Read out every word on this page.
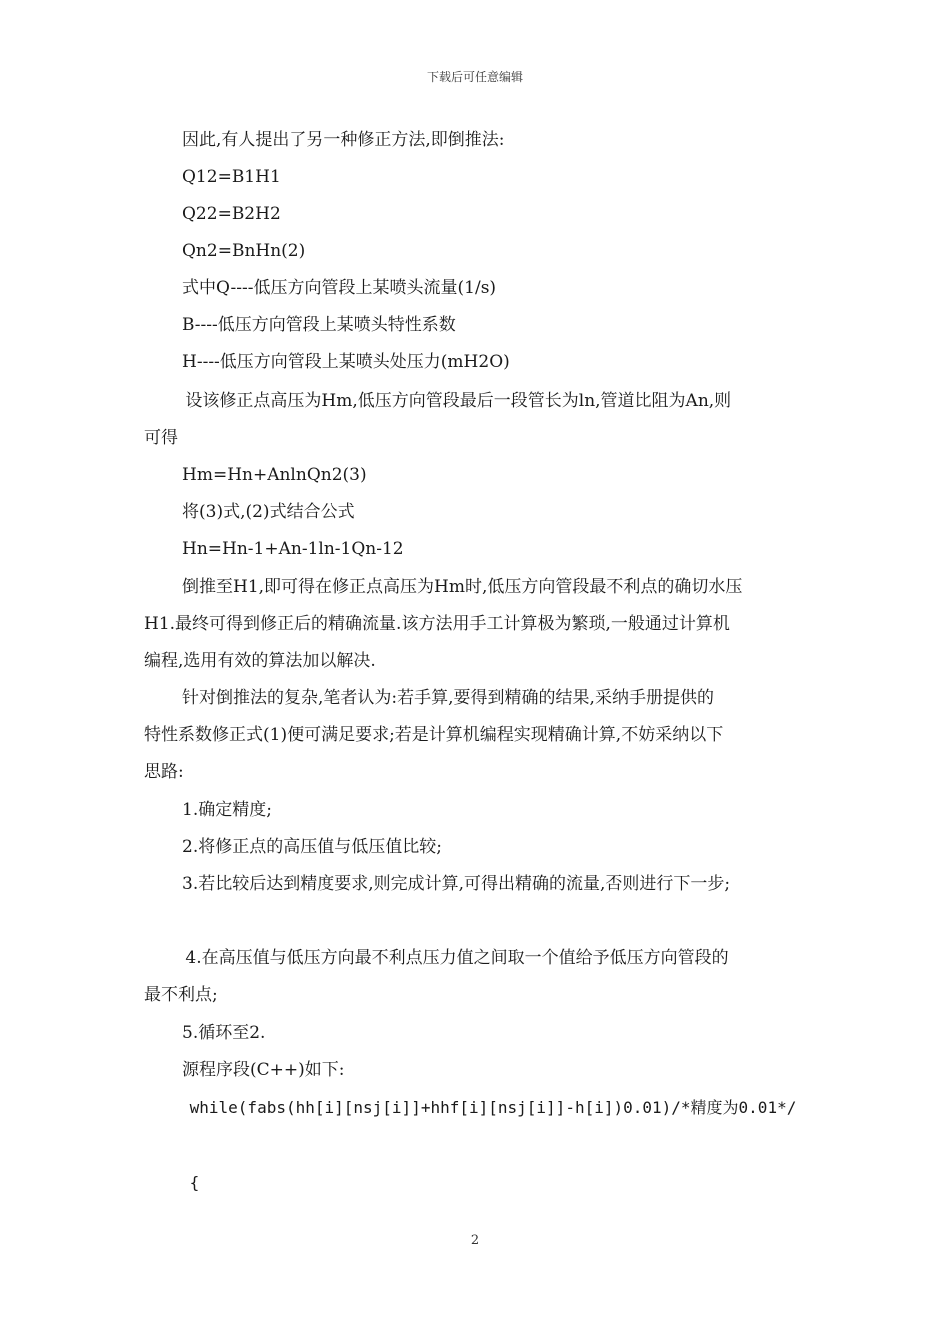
下载后可任意编辑
因此,有人提出了另一种修正方法,即倒推法:
Q12=B1H1
Q22=B2H2
Qn2=BnHn(2)
式中Q----低压方向管段上某喷头流量(1/s)
B----低压方向管段上某喷头特性系数
H----低压方向管段上某喷头处压力(mH2O)
设该修正点高压为Hm,低压方向管段最后一段管长为ln,管道比阻为An,则
可得
Hm=Hn+AnlnQn2(3)
将(3)式,(2)式结合公式
Hn=Hn-1+An-1ln-1Qn-12
倒推至H1,即可得在修正点高压为Hm时,低压方向管段最不利点的确切水压
H1.最终可得到修正后的精确流量.该方法用手工计算极为繁琐,一般通过计算机
编程,选用有效的算法加以解决.
针对倒推法的复杂,笔者认为:若手算,要得到精确的结果,采纳手册提供的
特性系数修正式(1)便可满足要求;若是计算机编程实现精确计算,不妨采纳以下
思路:
1.确定精度;
2.将修正点的高压值与低压值比较;
3.若比较后达到精度要求,则完成计算,可得出精确的流量,否则进行下一步;
4.在高压值与低压方向最不利点压力值之间取一个值给予低压方向管段的
最不利点;
5.循环至2.
源程序段(C++)如下:
while(fabs(hh[i][nsj[i]]+hhf[i][nsj[i]]-h[i])0.01)/*精度为0.01*/
{
2
